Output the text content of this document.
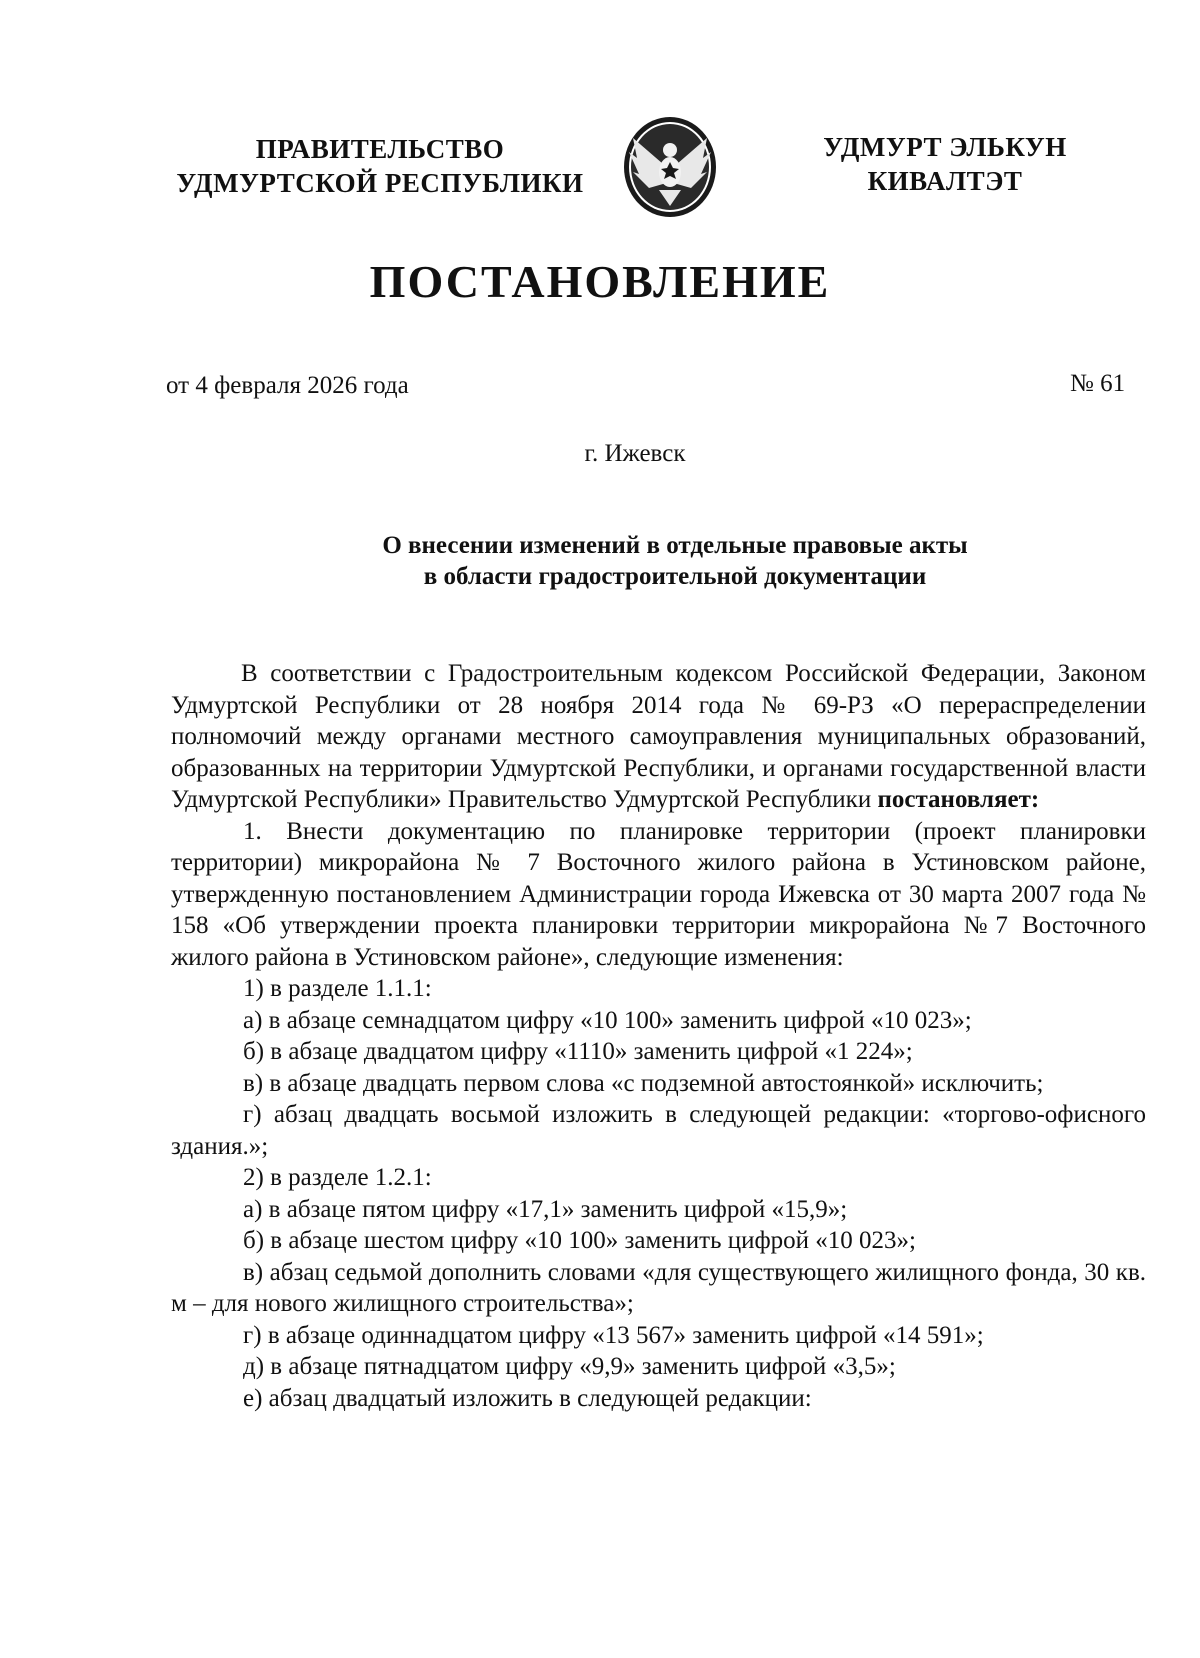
ПРАВИТЕЛЬСТВО
УДМУРТСКОЙ РЕСПУБЛИКИ
УДМУРТ ЭЛЬКУН
КИВАЛТЭТ
ПОСТАНОВЛЕНИЕ
от 4 февраля 2026 года	№ 61
г. Ижевск
О внесении изменений в отдельные правовые акты
в области градостроительной документации

В соответствии с Градостроительным кодексом Российской Федерации, Законом Удмуртской Республики от 28 ноября 2014 года № 69-РЗ «О перераспределении полномочий между органами местного самоуправления муниципальных образований, образованных на территории Удмуртской Республики, и органами государственной власти Удмуртской Республики» Правительство Удмуртской Республики постановляет:

1. Внести документацию по планировке территории (проект планировки территории) микрорайона № 7 Восточного жилого района в Устиновском районе, утвержденную постановлением Администрации города Ижевска от 30 марта 2007 года № 158 «Об утверждении проекта планировки территории микрорайона №7 Восточного жилого района в Устиновском районе», следующие изменения:

1) в разделе 1.1.1:

а) в абзаце семнадцатом цифру «10 100» заменить цифрой «10 023»;

б) в абзаце двадцатом цифру «1110» заменить цифрой «1 224»;

в) в абзаце двадцать первом слова «с подземной автостоянкой» исключить;

г) абзац двадцать восьмой изложить в следующей редакции: «торгово-офисного здания.»;

2) в разделе 1.2.1:

а) в абзаце пятом цифру «17,1» заменить цифрой «15,9»;

б) в абзаце шестом цифру «10 100» заменить цифрой «10 023»;

в) абзац седьмой дополнить словами «для существующего жилищного фонда, 30 кв. м – для нового жилищного строительства»;

г) в абзаце одиннадцатом цифру «13 567» заменить цифрой «14 591»;

д) в абзаце пятнадцатом цифру «9,9» заменить цифрой «3,5»;

е) абзац двадцатый изложить в следующей редакции:
